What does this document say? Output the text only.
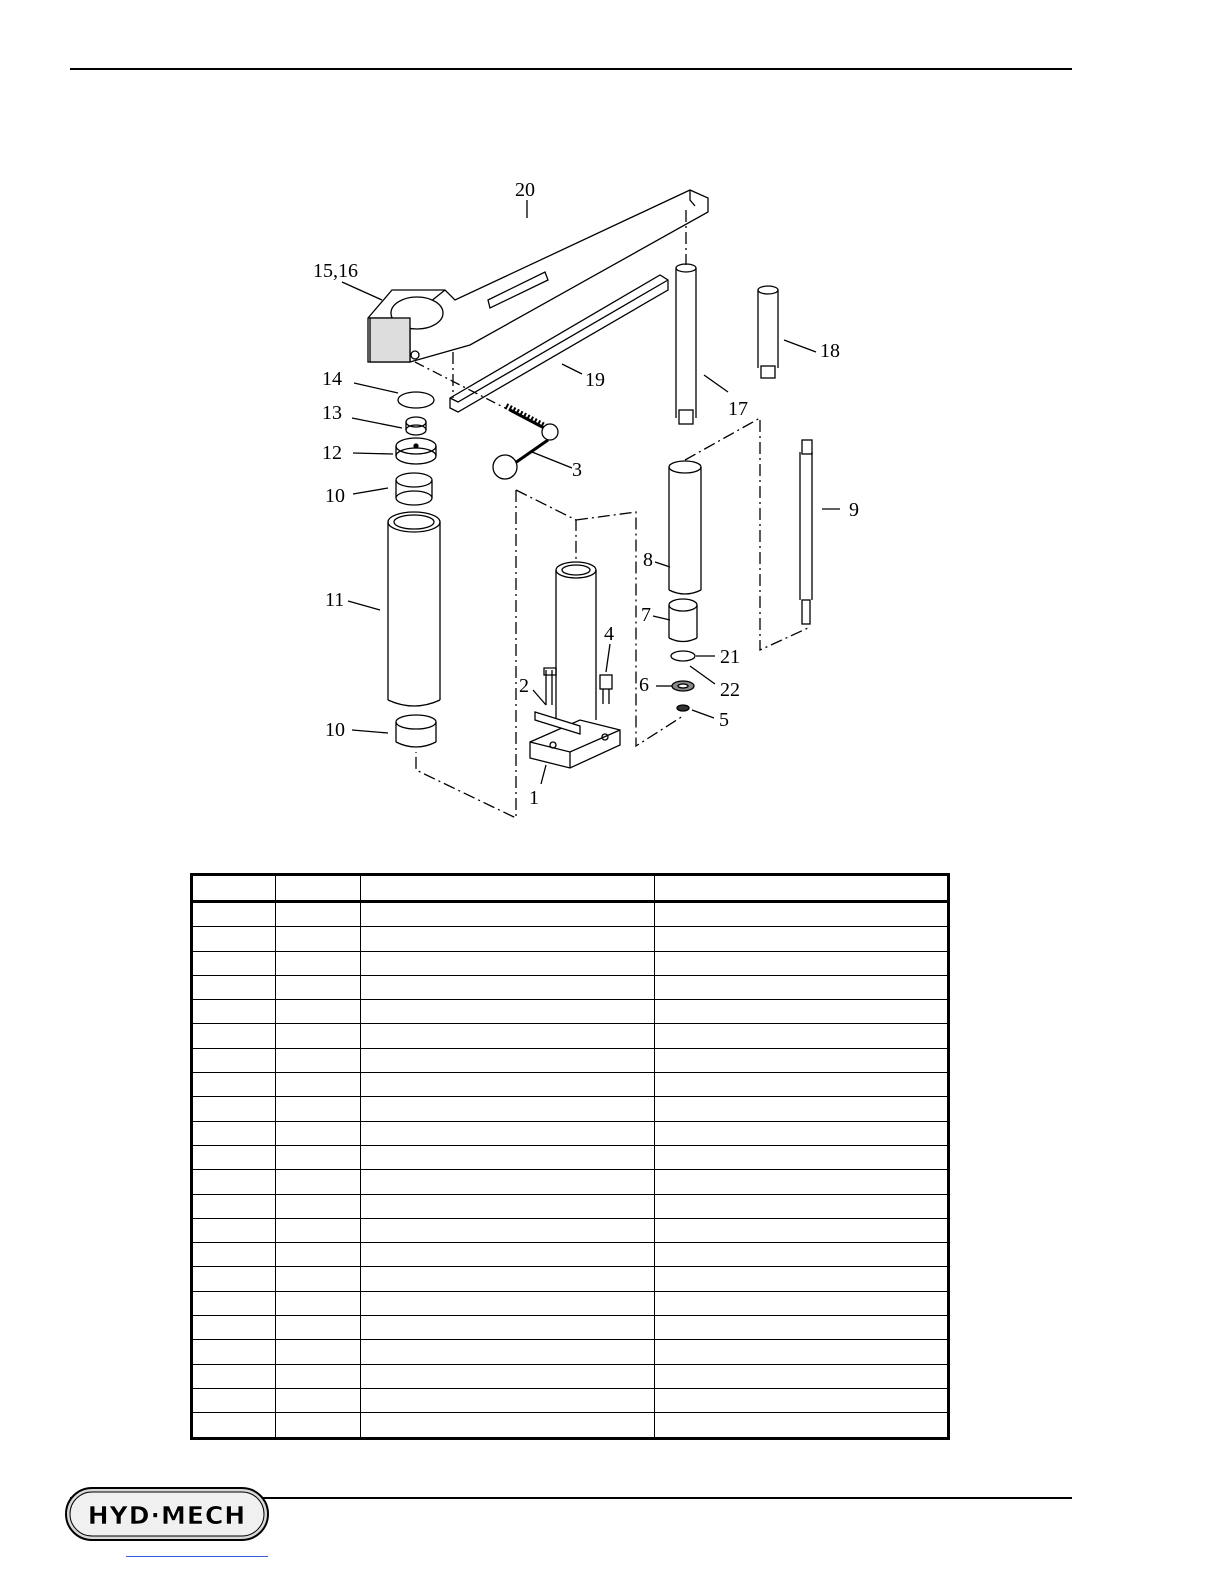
20
15,16
14
13
12
10
11
10
19
3
17
18
9
8
7
21
22
6
5
4
2
1

HYD·MECH
